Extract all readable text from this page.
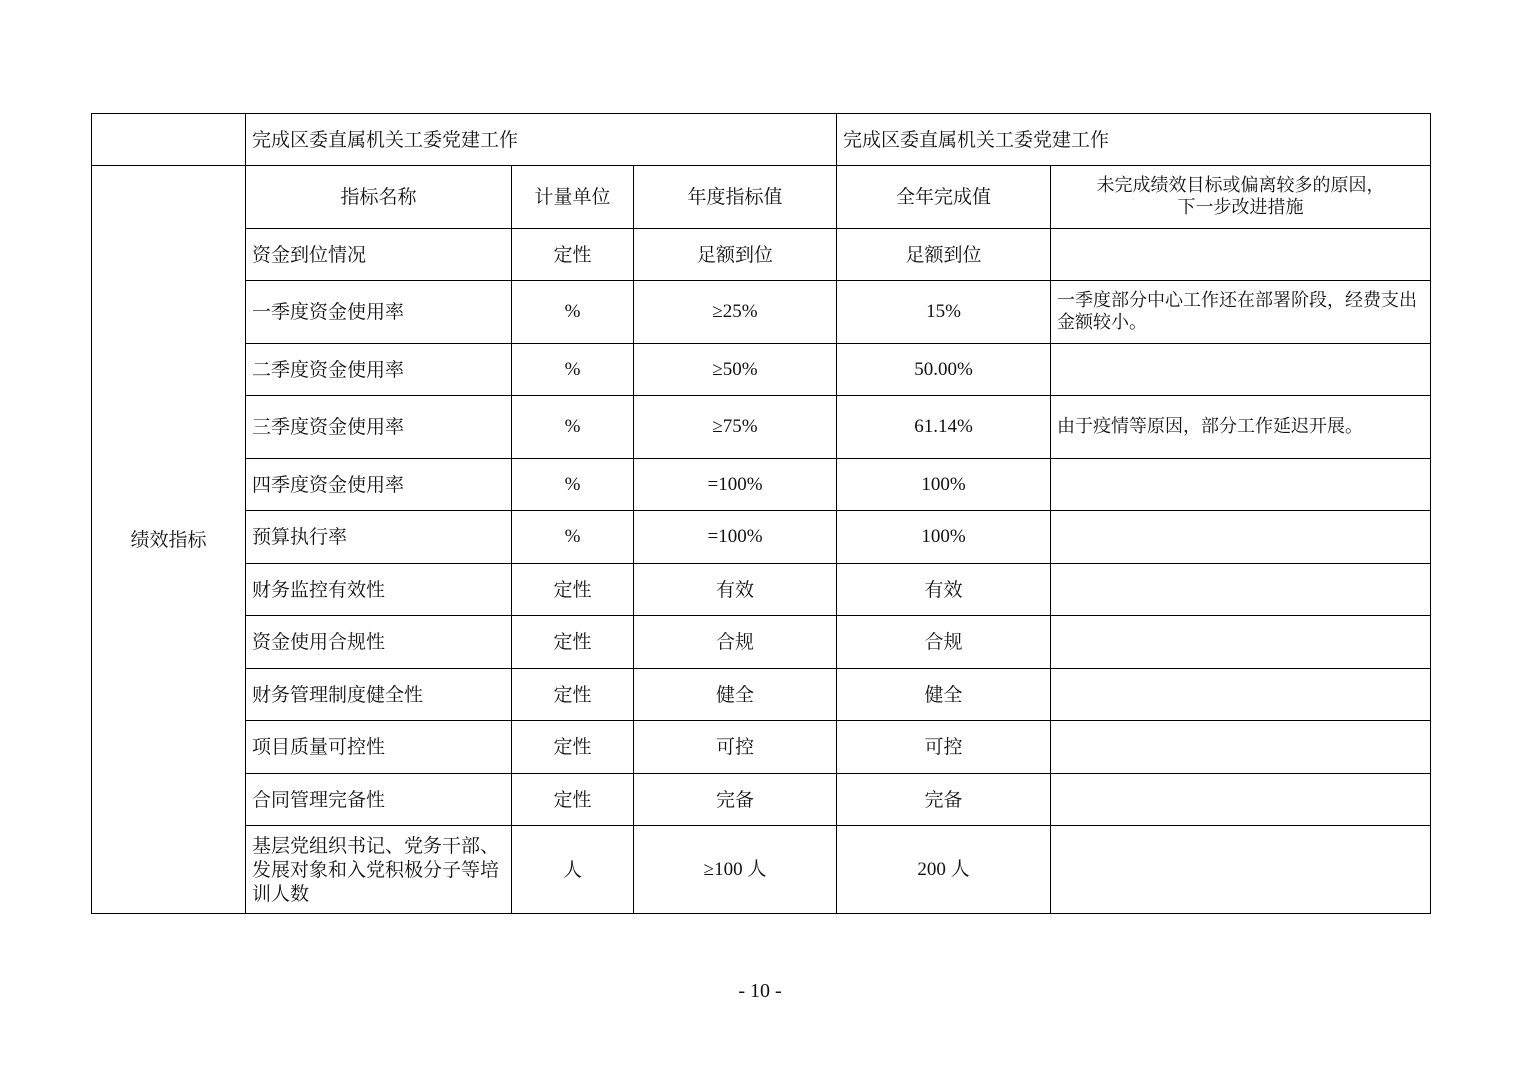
	完成区委直属机关工委党建工作			完成区委直属机关工委党建工作	
绩效指标	指标名称	计量单位	年度指标值	全年完成值	未完成绩效目标或偏离较多的原因，
下一步改进措施

	资金到位情况	定性	足额到位	足额到位	
	一季度资金使用率	%	≥25%	15%	一季度部分中心工作还在部署阶段，经费支出金额较小。
	二季度资金使用率	%	≥50%	50.00%	
	三季度资金使用率	%	≥75%	61.14%	由于疫情等原因，部分工作延迟开展。
	四季度资金使用率	%	=100%	100%	
	预算执行率	%	=100%	100%	
	财务监控有效性	定性	有效	有效	
	资金使用合规性	定性	合规	合规	
	财务管理制度健全性	定性	健全	健全	
	项目质量可控性	定性	可控	可控	
	合同管理完备性	定性	完备	完备	
	基层党组织书记、党务干部、发展对象和入党积极分子等培训人数	人	≥100 人	200 人	
- 10 -
